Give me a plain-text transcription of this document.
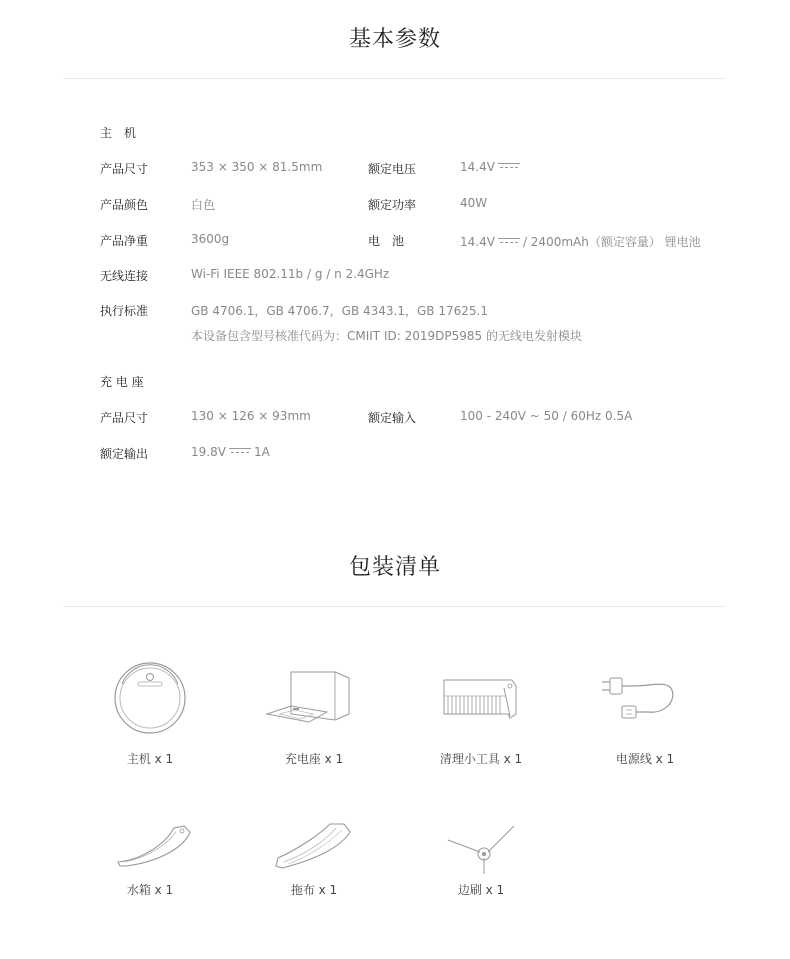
基本参数
主　机
产品尺寸	353 × 350 × 81.5mm	额定电压	14.4V
产品颜色	白色	额定功率	40W
产品净重	3600g	电　池	14.4V / 2400mAh（额定容量） 锂电池
无线连接	Wi-Fi IEEE 802.11b / g / n 2.4GHz
执行标准	GB 4706.1，GB 4706.7，GB 4343.1，GB 17625.1
本设备包含型号核准代码为：CMIIT ID: 2019DP5985 的无线电发射模块
充 电 座
产品尺寸	130 × 126 × 93mm	额定输入	100 - 240V ~ 50 / 60Hz 0.5A
额定输出	19.8V 1A
包装清单
主机 x 1	充电座 x 1	清理小工具 x 1	电源线 x 1
水箱 x 1	拖布 x 1	边刷 x 1
